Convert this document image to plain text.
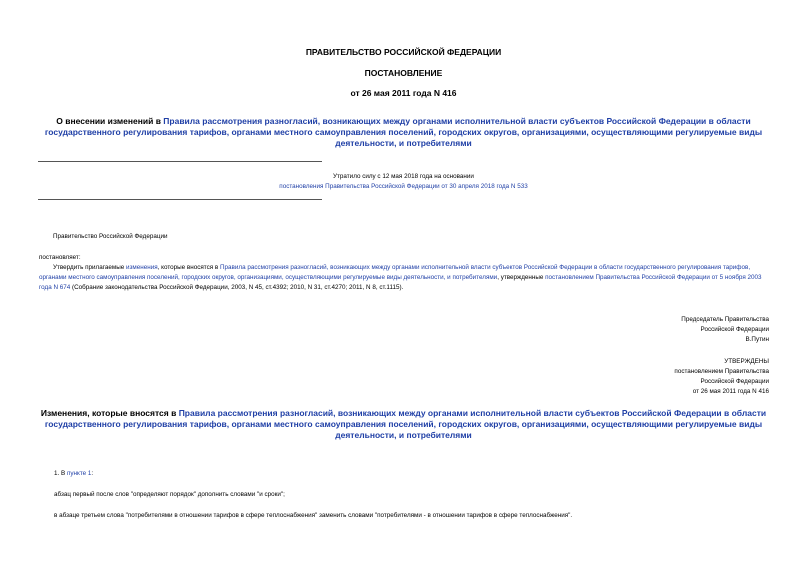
ПРАВИТЕЛЬСТВО РОССИЙСКОЙ ФЕДЕРАЦИИ
ПОСТАНОВЛЕНИЕ
от 26 мая 2011 года N 416
О внесении изменений в Правила рассмотрения разногласий, возникающих между органами исполнительной власти субъектов Российской Федерации в области государственного регулирования тарифов, органами местного самоуправления поселений, городских округов, организациями, осуществляющими регулируемые виды деятельности, и потребителями
Утратило силу с 12 мая 2018 года на основании
постановления Правительства Российской Федерации от 30 апреля 2018 года N 533
Правительство Российской Федерации
постановляет:
Утвердить прилагаемые изменения, которые вносятся в Правила рассмотрения разногласий, возникающих между органами исполнительной власти субъектов Российской Федерации в области государственного регулирования тарифов, органами местного самоуправления поселений, городских округов, организациями, осуществляющими регулируемые виды деятельности, и потребителями, утвержденные постановлением Правительства Российской Федерации от 5 ноября 2003 года N 674 (Собрание законодательства Российской Федерации, 2003, N 45, ст.4392; 2010, N 31, ст.4270; 2011, N 8, ст.1115).
Председатель Правительства
Российской Федерации
В.Путин
УТВЕРЖДЕНЫ
постановлением Правительства
Российской Федерации
от 26 мая 2011 года N 416
Изменения, которые вносятся в Правила рассмотрения разногласий, возникающих между органами исполнительной власти субъектов Российской Федерации в области государственного регулирования тарифов, органами местного самоуправления поселений, городских округов, организациями, осуществляющими регулируемые виды деятельности, и потребителями
1. В пункте 1:
абзац первый после слов "определяют порядок" дополнить словами "и сроки";
в абзаце третьем слова "потребителями в отношении тарифов в сфере теплоснабжения" заменить словами "потребителями - в отношении тарифов в сфере теплоснабжения".
